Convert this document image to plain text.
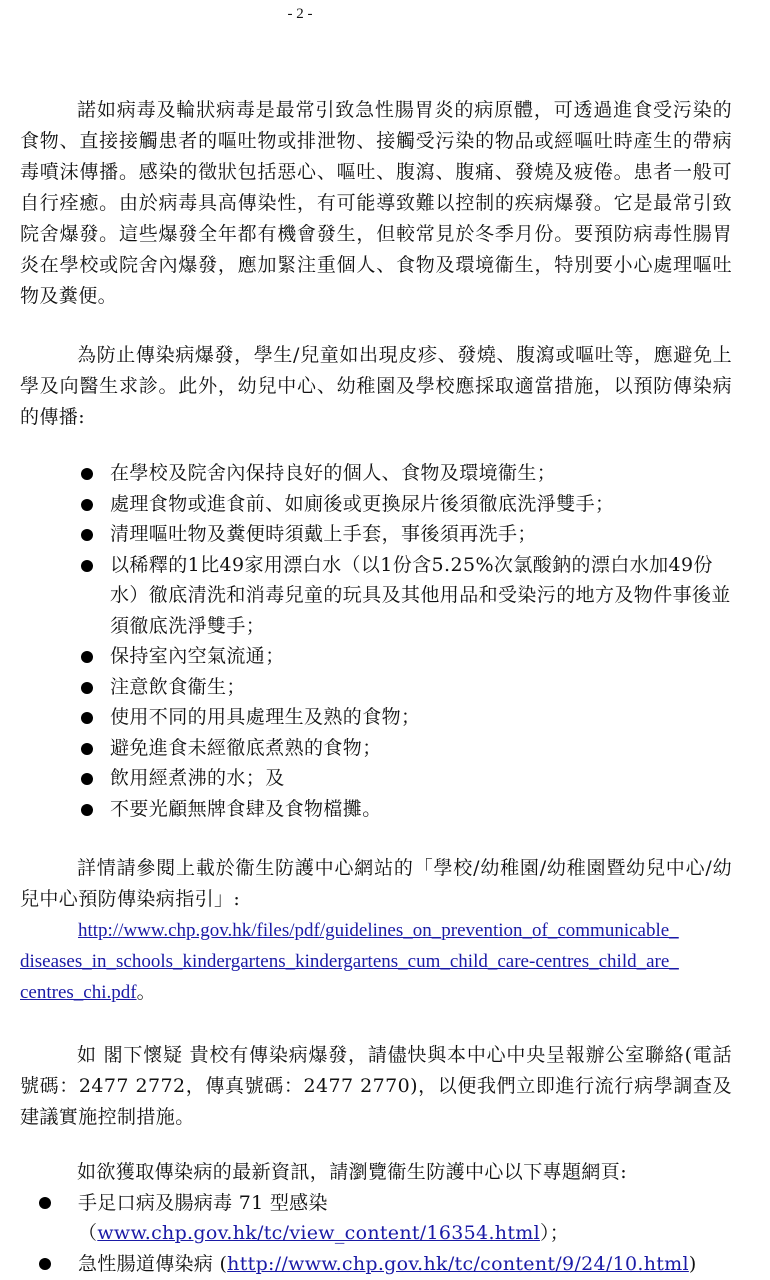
- 2 -

諾如病毒及輪狀病毒是最常引致急性腸胃炎的病原體，可透過進食受污染的食物、直接接觸患者的嘔吐物或排泄物、接觸受污染的物品或經嘔吐時產生的帶病毒噴沫傳播。感染的徵狀包括惡心、嘔吐、腹瀉、腹痛、發燒及疲倦。患者一般可自行痊癒。由於病毒具高傳染性，有可能導致難以控制的疾病爆發。它是最常引致院舍爆發。這些爆發全年都有機會發生，但較常見於冬季月份。要預防病毒性腸胃炎在學校或院舍內爆發，應加緊注重個人、食物及環境衞生，特別要小心處理嘔吐物及糞便。

為防止傳染病爆發，學生/兒童如出現皮疹、發燒、腹瀉或嘔吐等，應避免上學及向醫生求診。此外，幼兒中心、幼稚園及學校應採取適當措施，以預防傳染病的傳播:

在學校及院舍內保持良好的個人、食物及環境衞生；
處理食物或進食前、如廁後或更換尿片後須徹底洗淨雙手；
清理嘔吐物及糞便時須戴上手套，事後須再洗手；
以稀釋的1比49家用漂白水（以1份含5.25%次氯酸鈉的漂白水加49份水）徹底清洗和消毒兒童的玩具及其他用品和受染污的地方及物件事後並須徹底洗淨雙手；
保持室內空氣流通；
注意飲食衞生；
使用不同的用具處理生及熟的食物；
避免進食未經徹底煮熟的食物；
飲用經煮沸的水；及
不要光顧無牌食肆及食物檔攤。

詳情請參閱上載於衞生防護中心網站的「學校/幼稚園/幼稚園暨幼兒中心/幼兒中心預防傳染病指引」:

http://www.chp.gov.hk/files/pdf/guidelines_on_prevention_of_communicable_
diseases_in_schools_kindergartens_kindergartens_cum_child_care-centres_child_are_
centres_chi.pdf。

如 閣下懷疑 貴校有傳染病爆發，請儘快與本中心中央呈報辦公室聯絡(電話號碼：2477 2772，傳真號碼：2477 2770)，以便我們立即進行流行病學調查及建議實施控制措施。

如欲獲取傳染病的最新資訊，請瀏覽衞生防護中心以下專題網頁:

手足口病及腸病毒 71 型感染
（www.chp.gov.hk/tc/view_content/16354.html）；
急性腸道傳染病 (http://www.chp.gov.hk/tc/content/9/24/10.html)
